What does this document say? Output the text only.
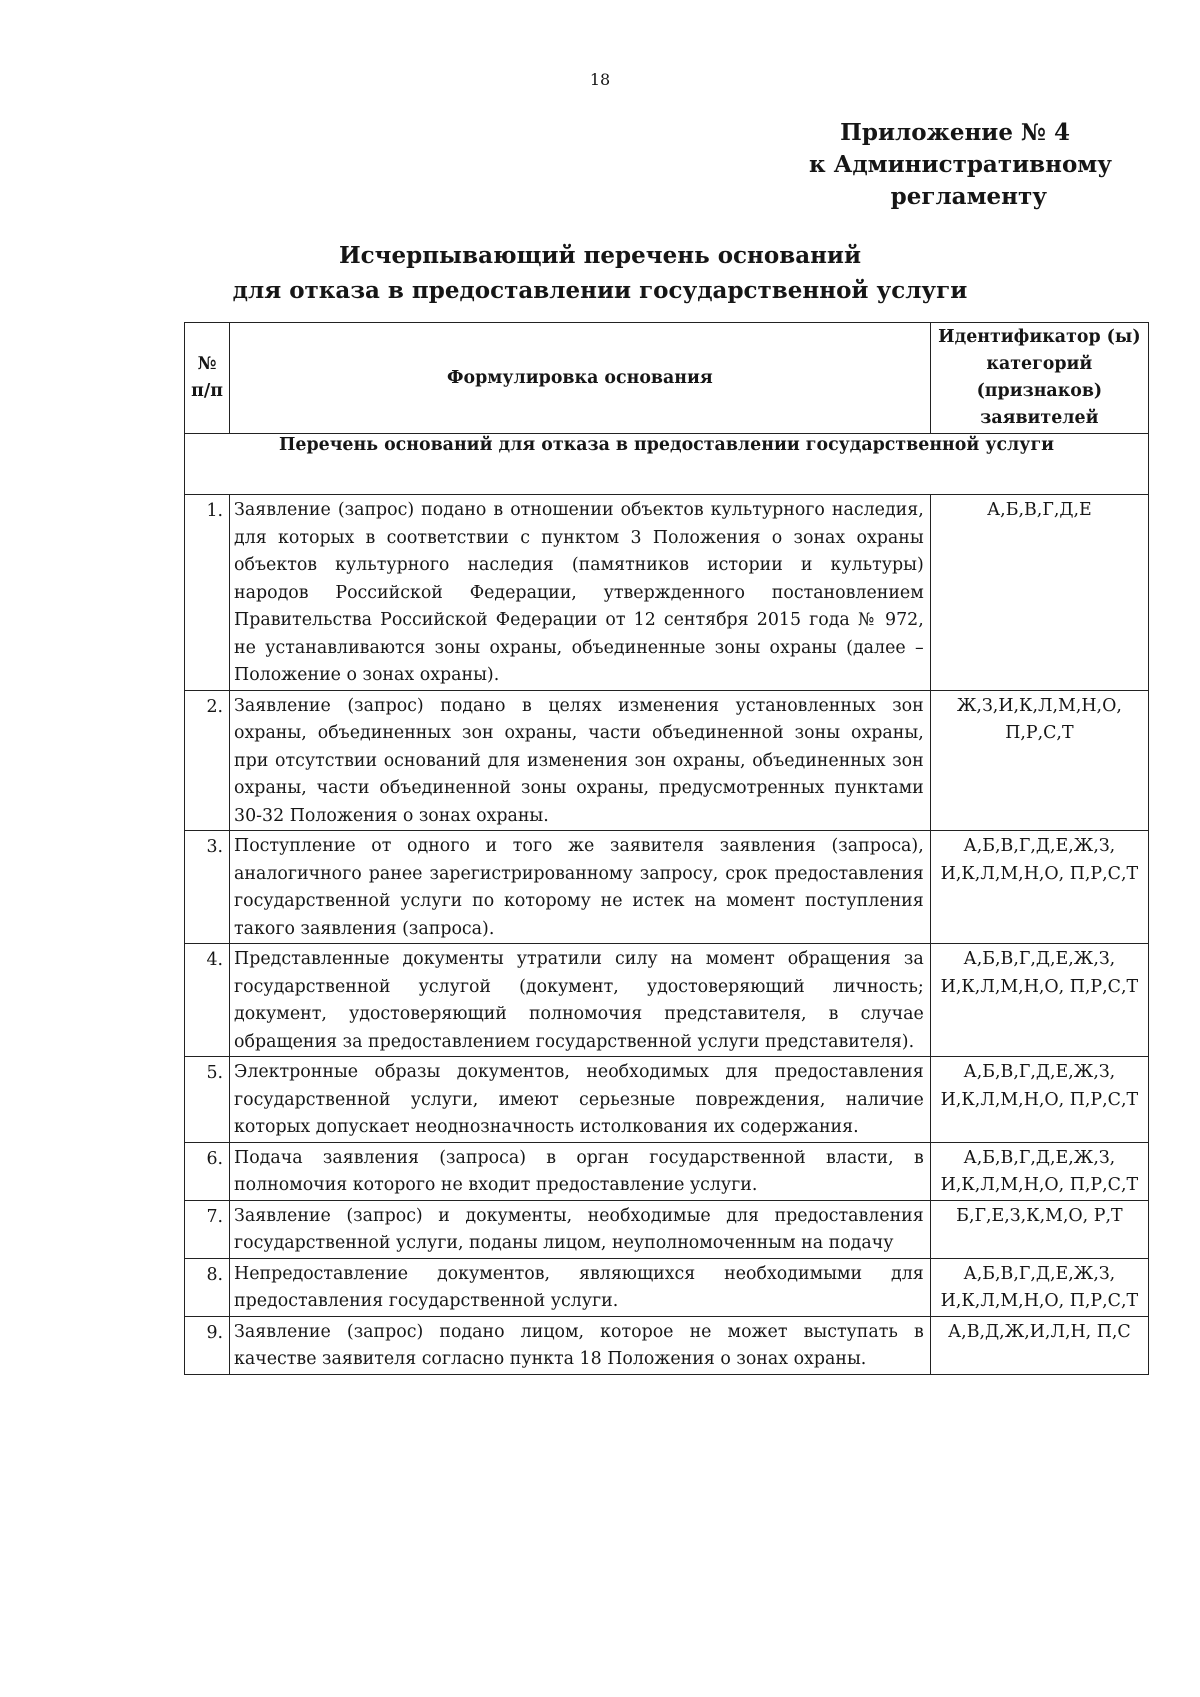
18
Приложение № 4
к Административному
регламенту
Исчерпывающий перечень оснований
для отказа в предоставлении государственной услуги
№ п/п	Формулировка основания	Идентификатор (ы) категорий (признаков) заявителей
Перечень оснований для отказа в предоставлении государственной услуги		
1.	Заявление (запрос) подано в отношении объектов культурного наследия, для которых в соответствии с пунктом 3 Положения о зонах охраны объектов культурного наследия (памятников истории и культуры) народов Российской Федерации, утвержденного постановлением Правительства Российской Федерации от 12 сентября 2015 года № 972, не устанавливаются зоны охраны, объединенные зоны охраны (далее – Положение о зонах охраны).	А,Б,В,Г,Д,Е
2.	Заявление (запрос) подано в целях изменения установленных зон охраны, объединенных зон охраны, части объединенной зоны охраны, при отсутствии оснований для изменения зон охраны, объединенных зон охраны, части объединенной зоны охраны, предусмотренных пунктами 30-32 Положения о зонах охраны.	Ж,З,И,К,Л,М,Н,О, П,Р,С,Т
3.	Поступление от одного и того же заявителя заявления (запроса), аналогичного ранее зарегистрированному запросу, срок предоставления государственной услуги по которому не истек на момент поступления такого заявления (запроса).	А,Б,В,Г,Д,Е,Ж,З, И,К,Л,М,Н,О, П,Р,С,Т
4.	Представленные документы утратили силу на момент обращения за государственной услугой (документ, удостоверяющий личность; документ, удостоверяющий полномочия представителя, в случае обращения за предоставлением государственной услуги представителя).	А,Б,В,Г,Д,Е,Ж,З, И,К,Л,М,Н,О, П,Р,С,Т
5.	Электронные образы документов, необходимых для предоставления государственной услуги, имеют серьезные повреждения, наличие которых допускает неоднозначность истолкования их содержания.	А,Б,В,Г,Д,Е,Ж,З, И,К,Л,М,Н,О, П,Р,С,Т
6.	Подача заявления (запроса) в орган государственной власти, в полномочия которого не входит предоставление услуги.	А,Б,В,Г,Д,Е,Ж,З, И,К,Л,М,Н,О, П,Р,С,Т
7.	Заявление (запрос) и документы, необходимые для предоставления государственной услуги, поданы лицом, неуполномоченным на подачу	Б,Г,Е,З,К,М,О, Р,Т
8.	Непредоставление документов, являющихся необходимыми для предоставления государственной услуги.	А,Б,В,Г,Д,Е,Ж,З, И,К,Л,М,Н,О, П,Р,С,Т
9.	Заявление (запрос) подано лицом, которое не может выступать в качестве заявителя согласно пункта 18 Положения о зонах охраны.	А,В,Д,Ж,И,Л,Н, П,С
